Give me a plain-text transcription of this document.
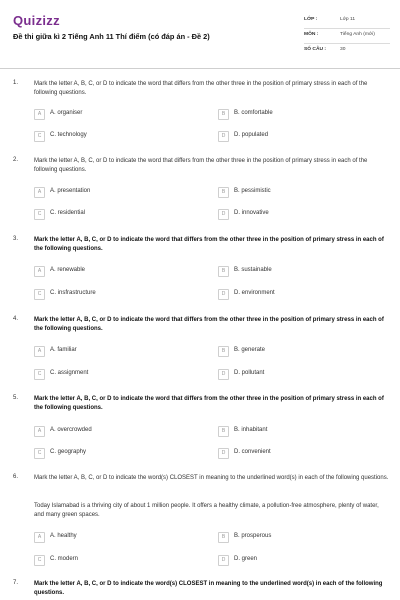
Quizizz
Đề thi giữa kì 2 Tiếng Anh 11 Thí điểm (có đáp án - Đề 2)
LỚP :	Lớp 11
MÔN :	Tiếng Anh (mới)
SỐ CÂU :	30
1.	Mark the letter A, B, C, or D to indicate the word that differs from the other three in the position of primary stress in each of the following questions.
A	A. organiser	B	B. comfortable
C	C. technology	D	D. populated
2.	Mark the letter A, B, C, or D to indicate the word that differs from the other three in the position of primary stress in each of the following questions.
A	A. presentation	B	B. pessimistic
C	C. residential	D	D. innovative
3.	Mark the letter A, B, C, or D to indicate the word that differs from the other three in the position of primary stress in each of the following questions.
A	A. renewable	B	B. sustainable
C	C. insfrastructure	D	D. environment
4.	Mark the letter A, B, C, or D to indicate the word that differs from the other three in the position of primary stress in each of the following questions.
A	A. familiar	B	B. generate
C	C. assignment	D	D. pollutant
5.	Mark the letter A, B, C, or D to indicate the word that differs from the other three in the position of primary stress in each of the following questions.
A	A. overcrowded	B	B. inhabitant
C	C. geography	D	D. convenient
6.	Mark the letter A, B, C, or D to indicate the word(s) CLOSEST in meaning to the underlined word(s) in each of the following questions.
Today Islamabad is a thriving city of about 1 million people. It offers a healthy climate, a pollution-free atmosphere, plenty of water, and many green spaces.
A	A. healthy	B	B. prosperous
C	C. modern	D	D. green
7.	Mark the letter A, B, C, or D to indicate the word(s) CLOSEST in meaning to the underlined word(s) in each of the following questions.
